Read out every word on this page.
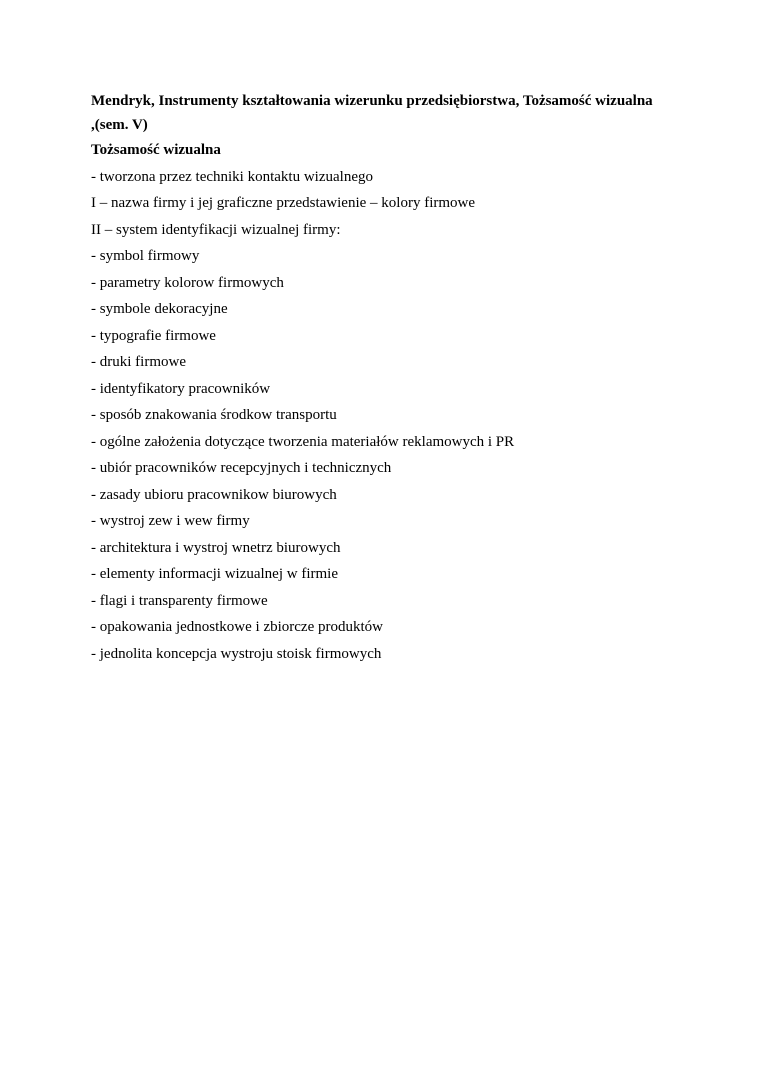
Mendryk, Instrumenty kształtowania wizerunku przedsiębiorstwa, Tożsamość wizualna
,(sem. V)

Tożsamość wizualna

- tworzona przez techniki kontaktu wizualnego

I – nazwa firmy i jej graficzne przedstawienie – kolory firmowe

II – system identyfikacji wizualnej firmy:

- symbol firmowy
- parametry kolorow firmowych
- symbole dekoracyjne
- typografie firmowe
- druki firmowe
- identyfikatory pracowników
- sposób znakowania środkow transportu
- ogólne założenia dotyczące tworzenia materiałów reklamowych i PR
- ubiór pracowników recepcyjnych i technicznych
- zasady ubioru pracownikow biurowych
- wystroj zew i wew firmy
- architektura i wystroj wnetrz biurowych
- elementy informacji wizualnej w firmie
- flagi i transparenty firmowe
- opakowania jednostkowe i zbiorcze produktów
- jednolita koncepcja wystroju stoisk firmowych
